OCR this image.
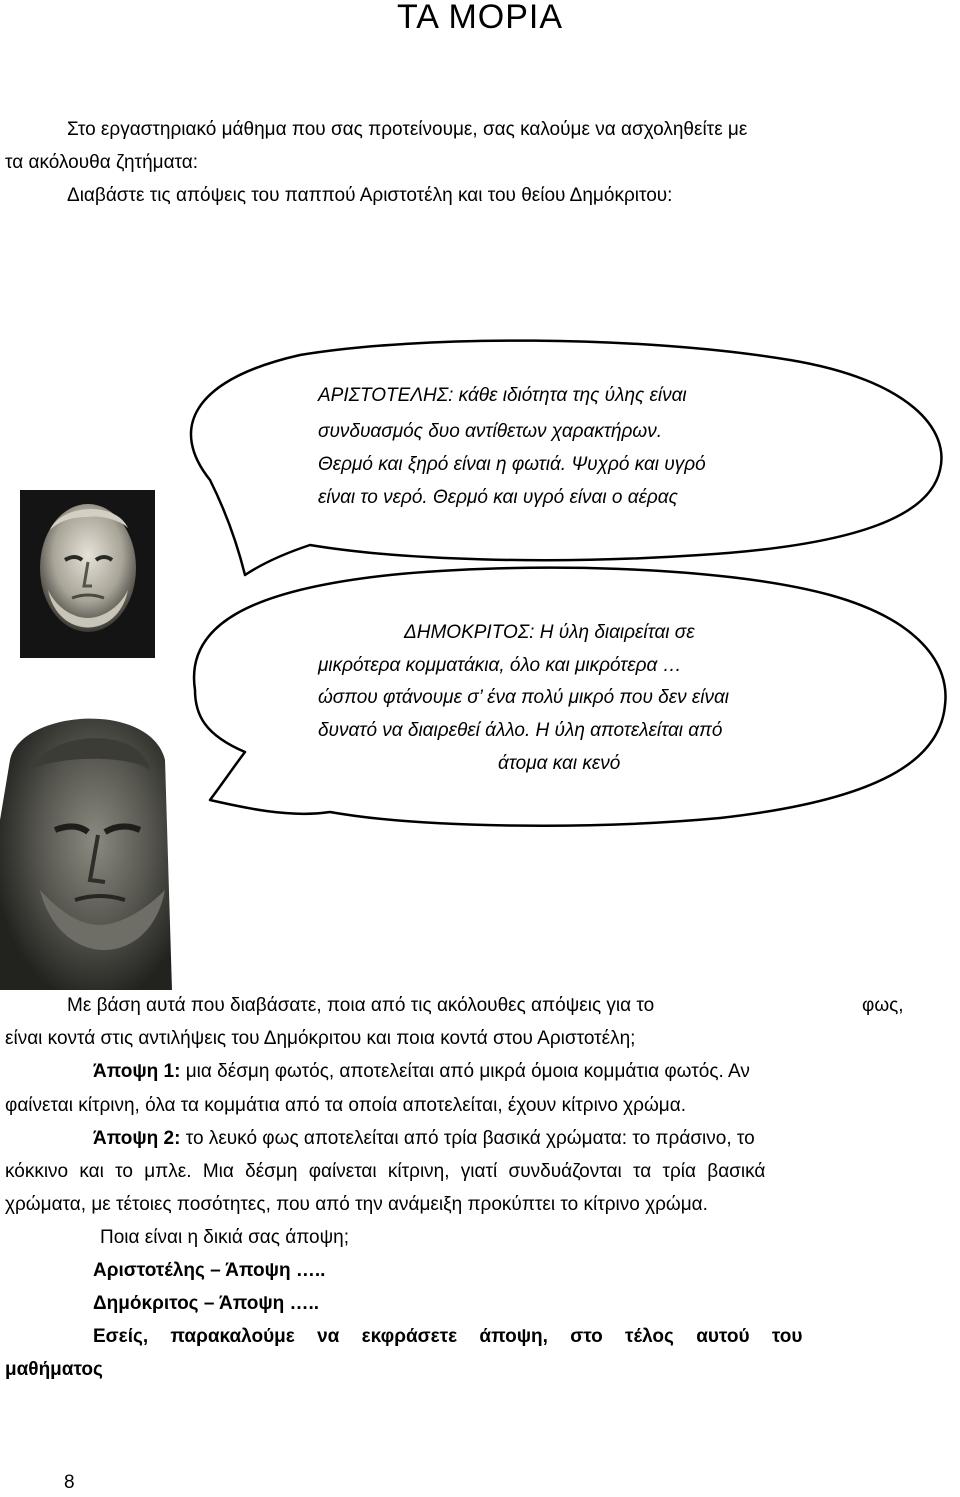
ΤΑ ΜΟΡΙΑ
Στο εργαστηριακό μάθημα που σας προτείνουμε, σας καλούμε να ασχοληθείτε με
τα ακόλουθα ζητήματα:
Διαβάστε τις απόψεις του παππού Αριστοτέλη και του θείου Δημόκριτου:
ΑΡΙΣΤΟΤΕΛΗΣ: κάθε ιδιότητα της ύλης είναι
συνδυασμός δυο αντίθετων χαρακτήρων.
Θερμό και ξηρό είναι η φωτιά. Ψυχρό και υγρό
είναι το νερό. Θερμό και υγρό είναι ο αέρας
ΔΗΜΟΚΡΙΤΟΣ: Η ύλη διαιρείται σε
μικρότερα κομματάκια, όλο και μικρότερα …
ώσπου φτάνουμε σ’ ένα πολύ μικρό που δεν είναι
δυνατό να διαιρεθεί άλλο. Η ύλη αποτελείται από
άτομα και κενό
Με βάση αυτά που διαβάσατε, ποια από τις ακόλουθες απόψεις για το	φως,
είναι κοντά στις αντιλήψεις του Δημόκριτου και ποια κοντά στου Αριστοτέλη;
Άποψη 1: μια δέσμη φωτός, αποτελείται από μικρά όμοια κομμάτια φωτός. Αν
φαίνεται κίτρινη, όλα τα κομμάτια από τα οποία αποτελείται, έχουν κίτρινο χρώμα.
Άποψη 2: το λευκό φως αποτελείται από τρία βασικά χρώματα: το πράσινο, το
κόκκινο και το μπλε. Μια δέσμη φαίνεται κίτρινη, γιατί συνδυάζονται τα τρία βασικά
χρώματα, με τέτοιες ποσότητες, που από την ανάμειξη προκύπτει το κίτρινο χρώμα.
Ποια είναι η δικιά σας άποψη;
Αριστοτέλης – Άποψη …..
Δημόκριτος – Άποψη …..
Εσείς, παρακαλούμε να εκφράσετε άποψη, στο τέλος αυτού του
μαθήματος
8
